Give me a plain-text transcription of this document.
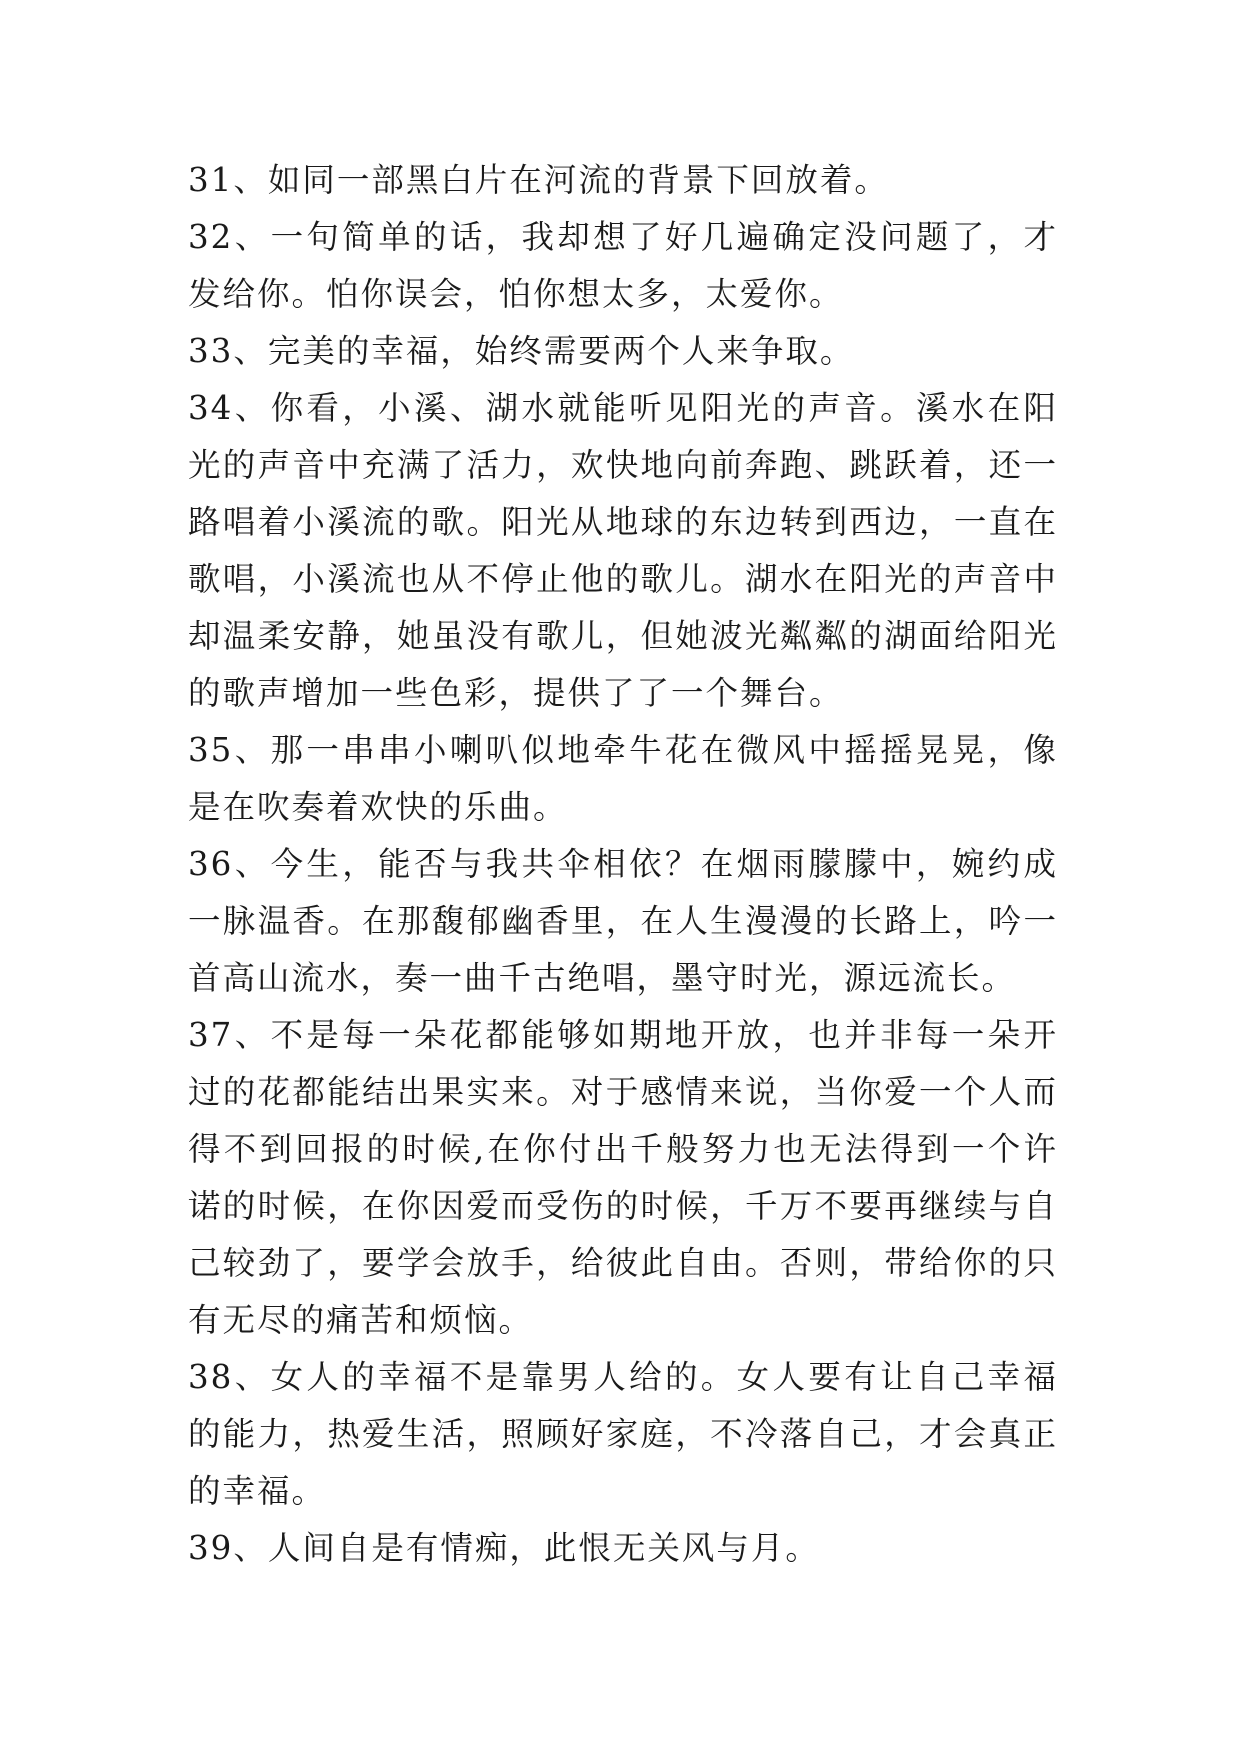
31、如同一部黑白片在河流的背景下回放着。

32、一句简单的话，我却想了好几遍确定没问题了，才发给你。怕你误会，怕你想太多，太爱你。

33、完美的幸福，始终需要两个人来争取。

34、你看，小溪、湖水就能听见阳光的声音。溪水在阳光的声音中充满了活力，欢快地向前奔跑、跳跃着，还一路唱着小溪流的歌。阳光从地球的东边转到西边，一直在歌唱，小溪流也从不停止他的歌儿。湖水在阳光的声音中却温柔安静，她虽没有歌儿，但她波光粼粼的湖面给阳光的歌声增加一些色彩，提供了了一个舞台。

35、那一串串小喇叭似地牵牛花在微风中摇摇晃晃，像是在吹奏着欢快的乐曲。

36、今生，能否与我共伞相依？在烟雨朦朦中，婉约成一脉温香。在那馥郁幽香里，在人生漫漫的长路上，吟一首高山流水，奏一曲千古绝唱，墨守时光，源远流长。

37、不是每一朵花都能够如期地开放，也并非每一朵开过的花都能结出果实来。对于感情来说，当你爱一个人而得不到回报的时候,在你付出千般努力也无法得到一个许诺的时候，在你因爱而受伤的时候，千万不要再继续与自己较劲了，要学会放手，给彼此自由。否则，带给你的只有无尽的痛苦和烦恼。

38、女人的幸福不是靠男人给的。女人要有让自己幸福的能力，热爱生活，照顾好家庭，不冷落自己，才会真正的幸福。

39、人间自是有情痴，此恨无关风与月。
